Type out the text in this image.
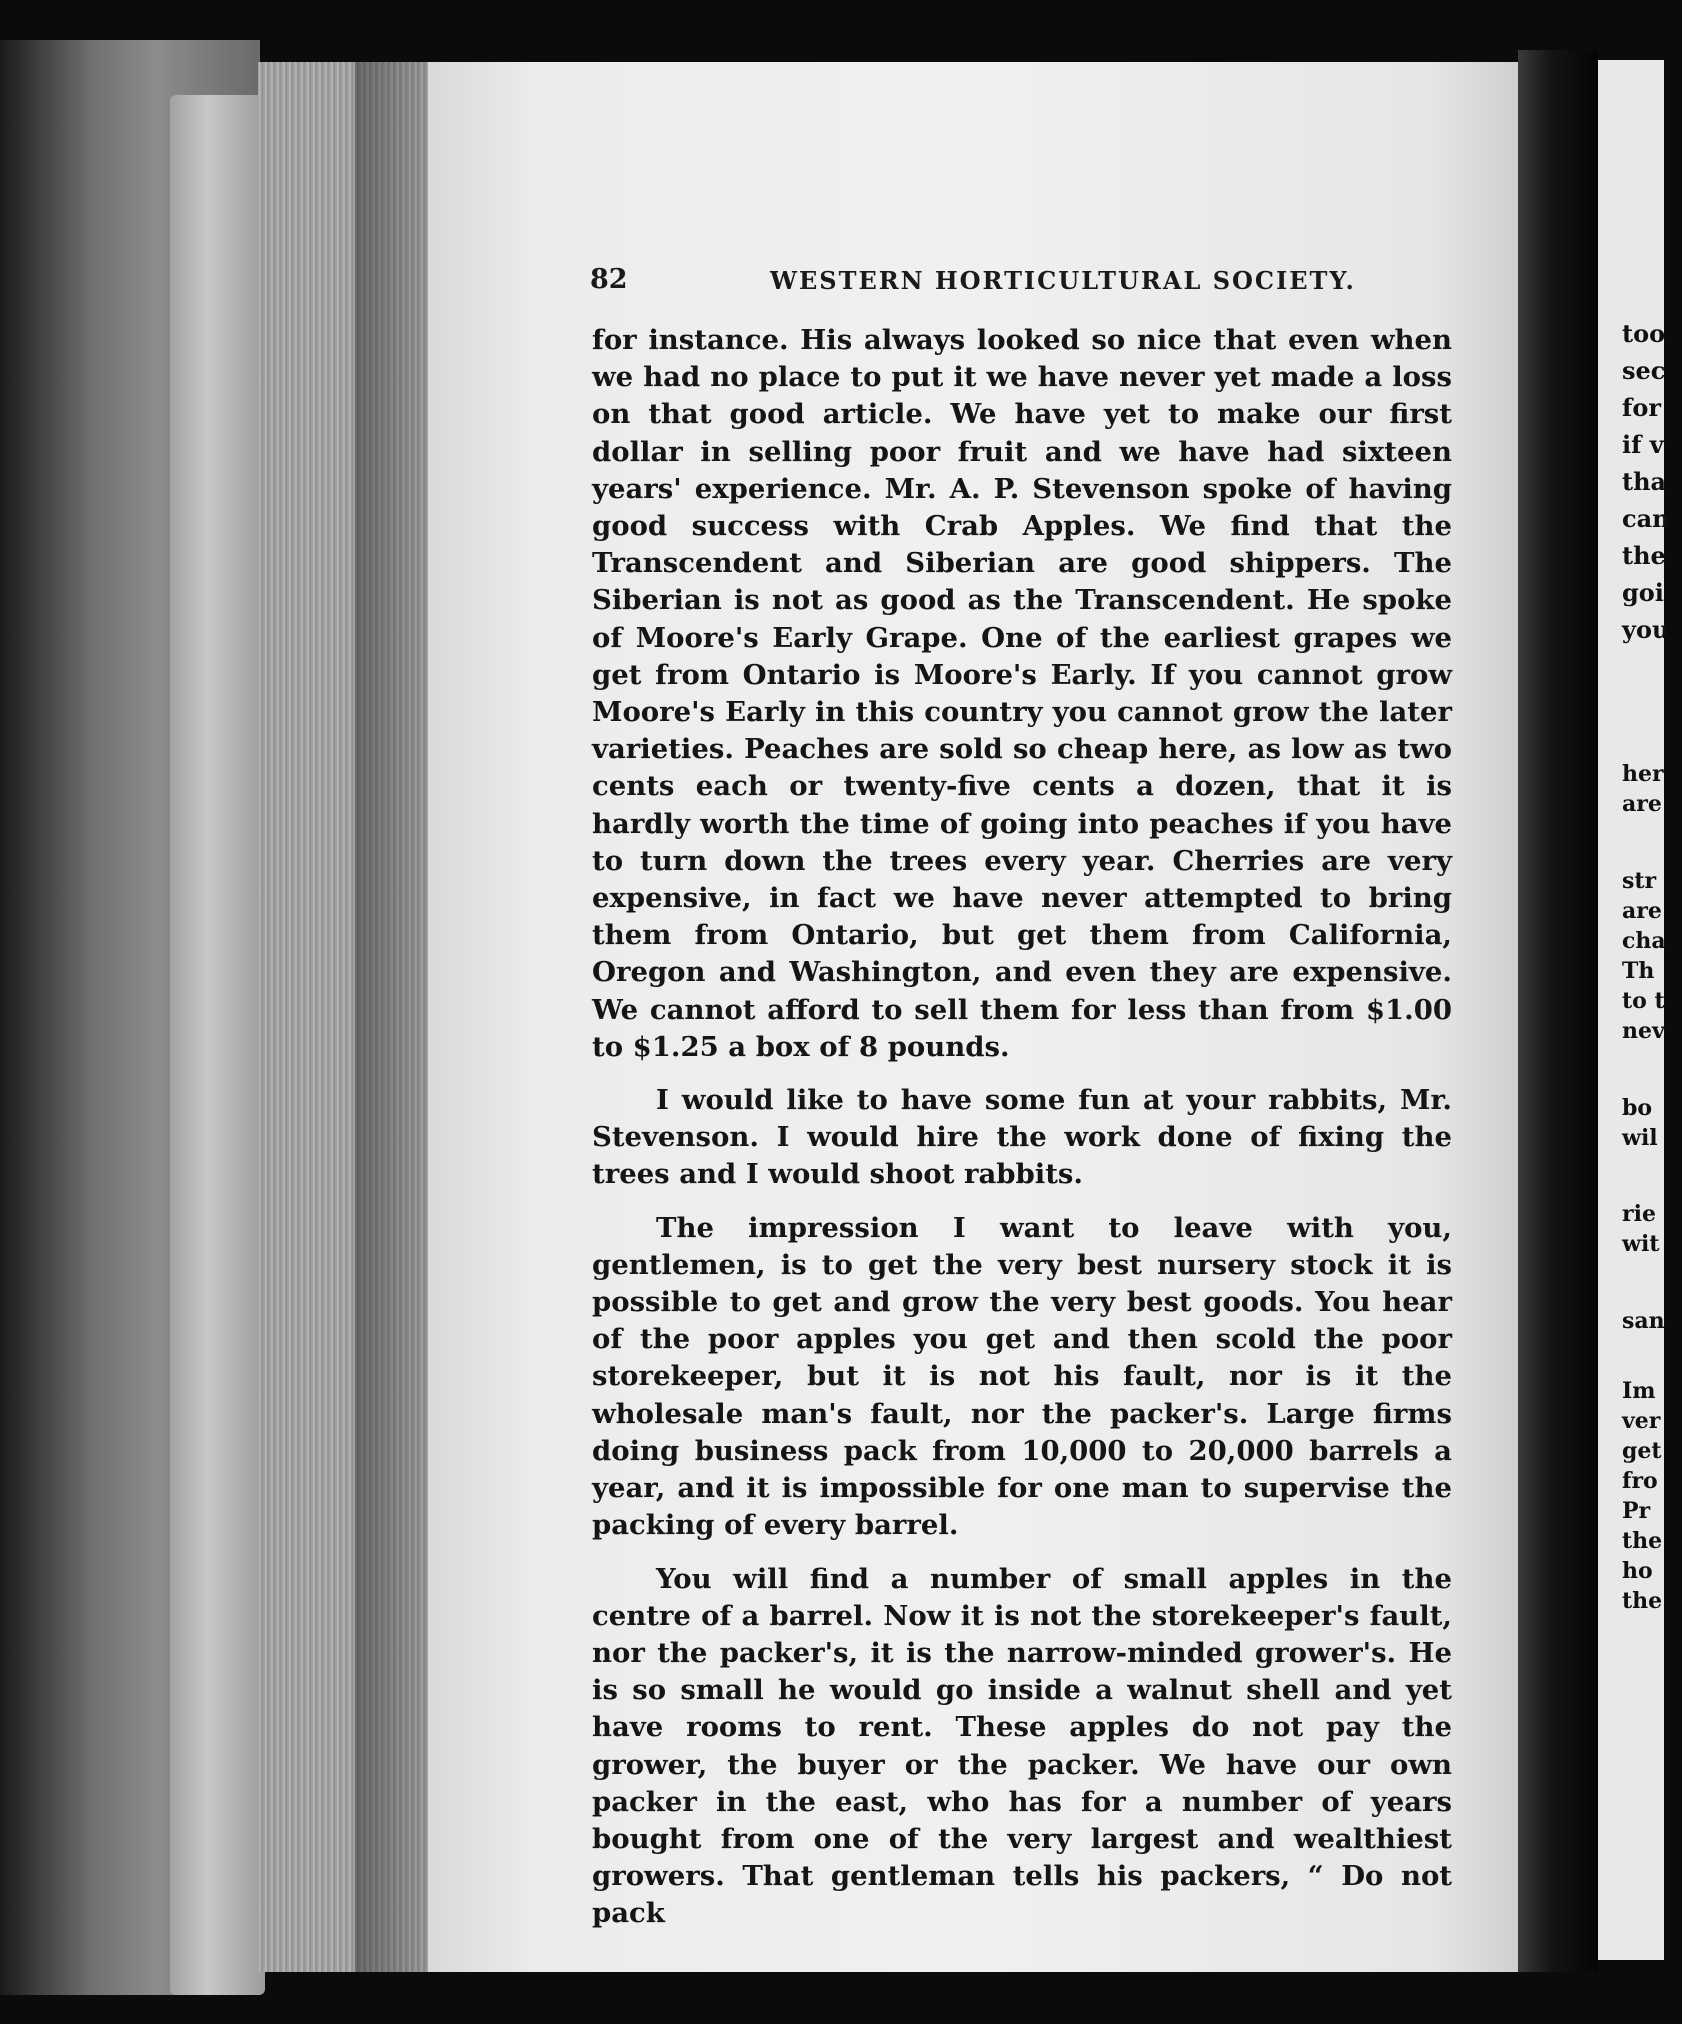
too
sec
for
if v
tha
can
the
goi
you
her
are
str
are
cha
Th
to t
nev
bo
wil
rie
wit
san
Im
ver
get
fro
Pr
the
ho
the
82	WESTERN HORTICULTURAL SOCIETY.

for instance. His always looked so nice that even when we had no place to put it we have never yet made a loss on that good article. We have yet to make our first dollar in selling poor fruit and we have had sixteen years' experience. Mr. A. P. Stevenson spoke of having good success with Crab Apples. We find that the Transcendent and Siberian are good shippers. The Siberian is not as good as the Transcendent. He spoke of Moore's Early Grape. One of the earliest grapes we get from Ontario is Moore's Early. If you cannot grow Moore's Early in this country you cannot grow the later varieties. Peaches are sold so cheap here, as low as two cents each or twenty-five cents a dozen, that it is hardly worth the time of going into peaches if you have to turn down the trees every year. Cherries are very expensive, in fact we have never attempted to bring them from Ontario, but get them from California, Oregon and Washington, and even they are expensive. We cannot afford to sell them for less than from $1.00 to $1.25 a box of 8 pounds.

I would like to have some fun at your rabbits, Mr. Stevenson. I would hire the work done of fixing the trees and I would shoot rabbits.

The impression I want to leave with you, gentlemen, is to get the very best nursery stock it is possible to get and grow the very best goods. You hear of the poor apples you get and then scold the poor storekeeper, but it is not his fault, nor is it the wholesale man's fault, nor the packer's. Large firms doing business pack from 10,000 to 20,000 barrels a year, and it is impossible for one man to supervise the packing of every barrel.

You will find a number of small apples in the centre of a barrel. Now it is not the storekeeper's fault, nor the packer's, it is the narrow-minded grower's. He is so small he would go inside a walnut shell and yet have rooms to rent. These apples do not pay the grower, the buyer or the packer. We have our own packer in the east, who has for a number of years bought from one of the very largest and wealthiest growers. That gentleman tells his packers, “ Do not pack
